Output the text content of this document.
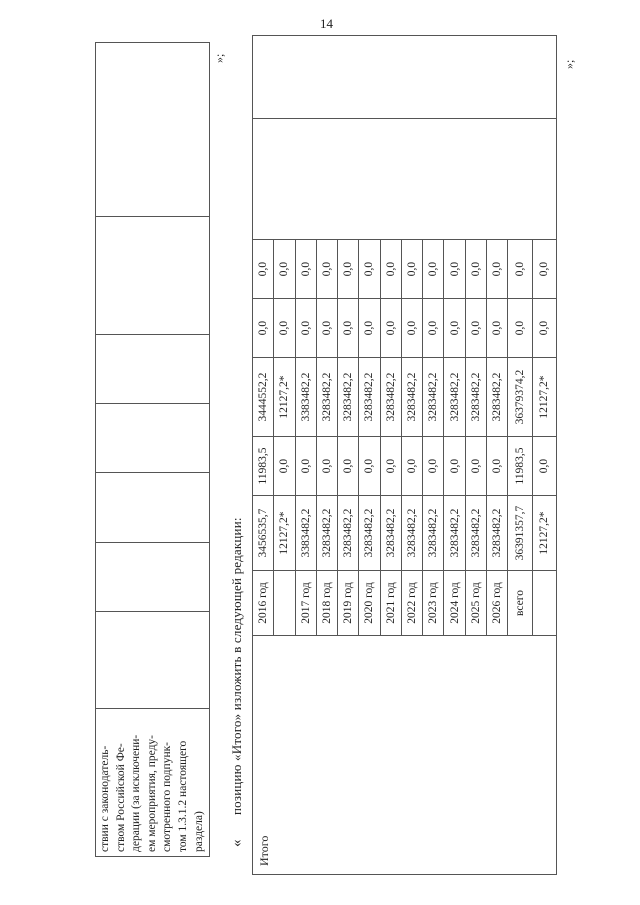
14
ствии с законодатель- ством Российской Фе- дерации (за исключени- ем мероприятия, преду- смотренного подпунк- том 1.3.1.2 настоящего раздела)

»;
«
позицию «Итого» изложить в следующей редакции:
Итого	2016 год	3456535,7	11983,5	3444552,2	0,0	0,0		
		12127,2*	0,0	12127,2*	0,0	0,0		
	2017 год	3383482,2	0,0	3383482,2	0,0	0,0		
	2018 год	3283482,2	0,0	3283482,2	0,0	0,0		
	2019 год	3283482,2	0,0	3283482,2	0,0	0,0		
	2020 год	3283482,2	0,0	3283482,2	0,0	0,0		
	2021 год	3283482,2	0,0	3283482,2	0,0	0,0		
	2022 год	3283482,2	0,0	3283482,2	0,0	0,0		
	2023 год	3283482,2	0,0	3283482,2	0,0	0,0		
	2024 год	3283482,2	0,0	3283482,2	0,0	0,0		
	2025 год	3283482,2	0,0	3283482,2	0,0	0,0		
	2026 год	3283482,2	0,0	3283482,2	0,0	0,0		
	всего	36391357,7	11983,5	36379374,2	0,0	0,0		
		12127,2*	0,0	12127,2*	0,0	0,0		
»;
